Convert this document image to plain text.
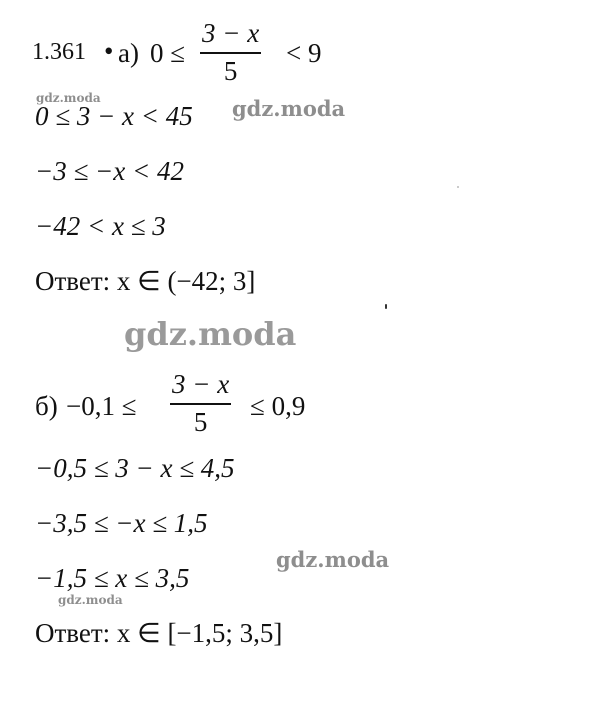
1.361 • а) 0 ≤
3 − x
5
< 9
0 ≤ 3 − x < 45
−3 ≤ −x < 42
−42 < x ≤ 3
Ответ: x ∈ (−42; 3]
б) −0,1 ≤
3 − x
5
≤ 0,9
−0,5 ≤ 3 − x ≤ 4,5
−3,5 ≤ −x ≤ 1,5
−1,5 ≤ x ≤ 3,5
Ответ: x ∈ [−1,5; 3,5]
gdz.moda	gdz.moda
gdz.moda
gdz.moda
gdz.moda
